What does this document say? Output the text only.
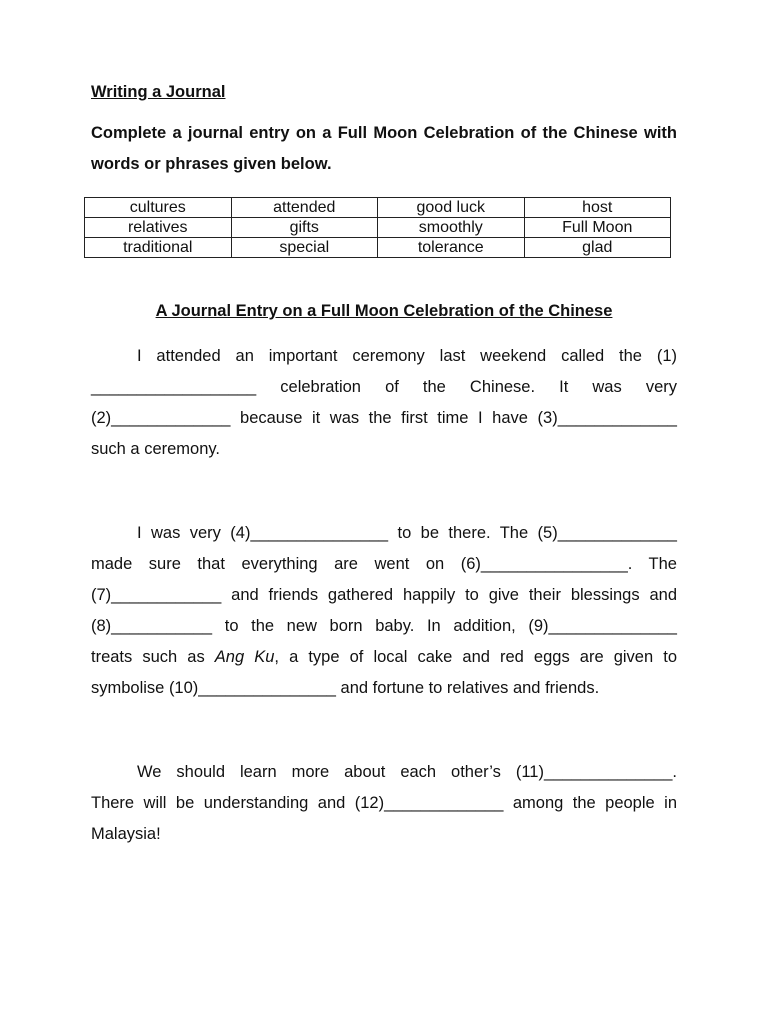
Writing a Journal

Complete a journal entry on a Full Moon Celebration of the Chinese with words or phrases given below.

cultures	attended	good luck	host
relatives	gifts	smoothly	Full Moon
traditional	special	tolerance	glad

A Journal Entry on a Full Moon Celebration of the Chinese

I attended an important ceremony last weekend called the (1)
__________________ celebration of the Chinese. It was very
(2)_____________ because it was the first time I have (3)_____________
such a ceremony.
I was very (4)_______________ to be there. The (5)_____________
made sure that everything are went on (6)________________. The
(7)____________ and friends gathered happily to give their blessings and
(8)___________ to the new born baby. In addition, (9)______________
treats such as Ang Ku, a type of local cake and red eggs are given to
symbolise (10)_______________ and fortune to relatives and friends.
We should learn more about each other’s (11)______________.
There will be understanding and (12)_____________ among the people in
Malaysia!
